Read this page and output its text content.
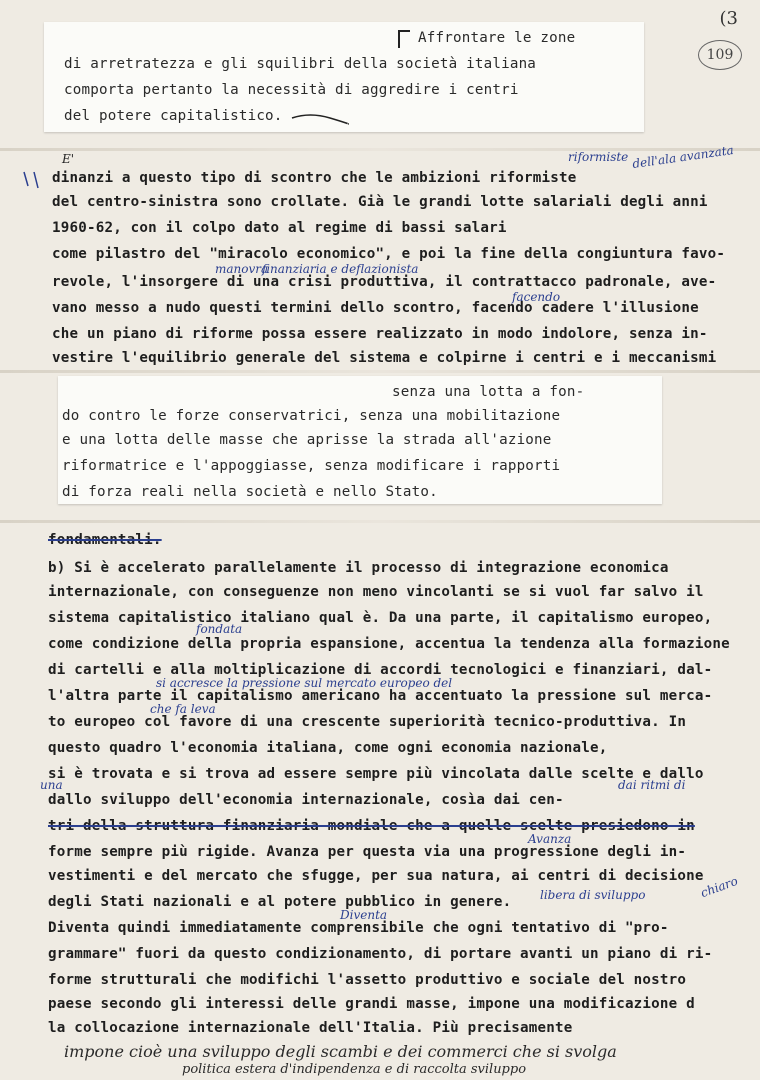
(3
109
Affrontare le zone
di arretratezza e gli squilibri della società italiana
comporta pertanto la necessità di aggredire i centri
del potere capitalistico.
E'	riformiste dell'ala avanzata
dinanzi a questo tipo di scontro che le ambizioni riformiste
del centro-sinistra sono crollate. Già le grandi lotte salariali degli anni
1960-62, con il colpo dato al regime di bassi salari
come pilastro del "miracolo economico", e poi la fine della congiuntura favo-
manovra
finanziaria e deflazionista
revole, l'insorgere di una crisi produttiva, il contrattacco padronale, ave-
facendo
vano messo a nudo questi termini dello scontro, facendo cadere l'illusione
che un piano di riforme possa essere realizzato in modo indolore, senza in-
vestire l'equilibrio generale del sistema e colpirne i centri e i meccanismi
senza una lotta a fon-
do contro le forze conservatrici, senza una mobilitazione
e una lotta delle masse che aprisse la strada all'azione
riformatrice e l'appoggiasse, senza modificare i rapporti
di forza reali nella società e nello Stato.
fondamentali.
b) Si è accelerato parallelamente il processo di integrazione economica
internazionale, con conseguenze non meno vincolanti se si vuol far salvo il
sistema capitalistico italiano qual è. Da una parte, il capitalismo europeo,
fondata
come condizione della propria espansione, accentua la tendenza alla formazione
di cartelli e alla moltiplicazione di accordi tecnologici e finanziari, dal-
si accresce la pressione sul mercato europeo del
l'altra parte il capitalismo americano ha accentuato la pressione sul merca-
che fa leva
to europeo col favore di una crescente superiorità tecnico-produttiva. In
questo quadro l'economia italiana, come ogni economia nazionale,
una
si è trovata e si trova ad essere sempre più vincolata dalle scelte e dallo
dai ritmi di
dallo sviluppo dell'economia internazionale, cosìa dai cen-
tri della struttura finanziaria mondiale che a quelle scelte presiedono in
Avanza
forme sempre più rigide. Avanza per questa via una progressione degli in-
vestimenti e del mercato che sfugge, per sua natura, ai centri di decisione
libera di sviluppo
degli Stati nazionali e al potere pubblico in genere.
Diventa
Diventa quindi immediatamente comprensibile che ogni tentativo di "pro-
grammare" fuori da questo condizionamento, di portare avanti un piano di ri-
forme strutturali che modifichi l'assetto produttivo e sociale del nostro
paese secondo gli interessi delle grandi masse, impone una modificazione d
la collocazione internazionale dell'Italia. Più precisamente
chiaro
impone cioè una sviluppo degli scambi e dei commerci che si svolga
politica estera d'indipendenza e di raccolta sviluppo
